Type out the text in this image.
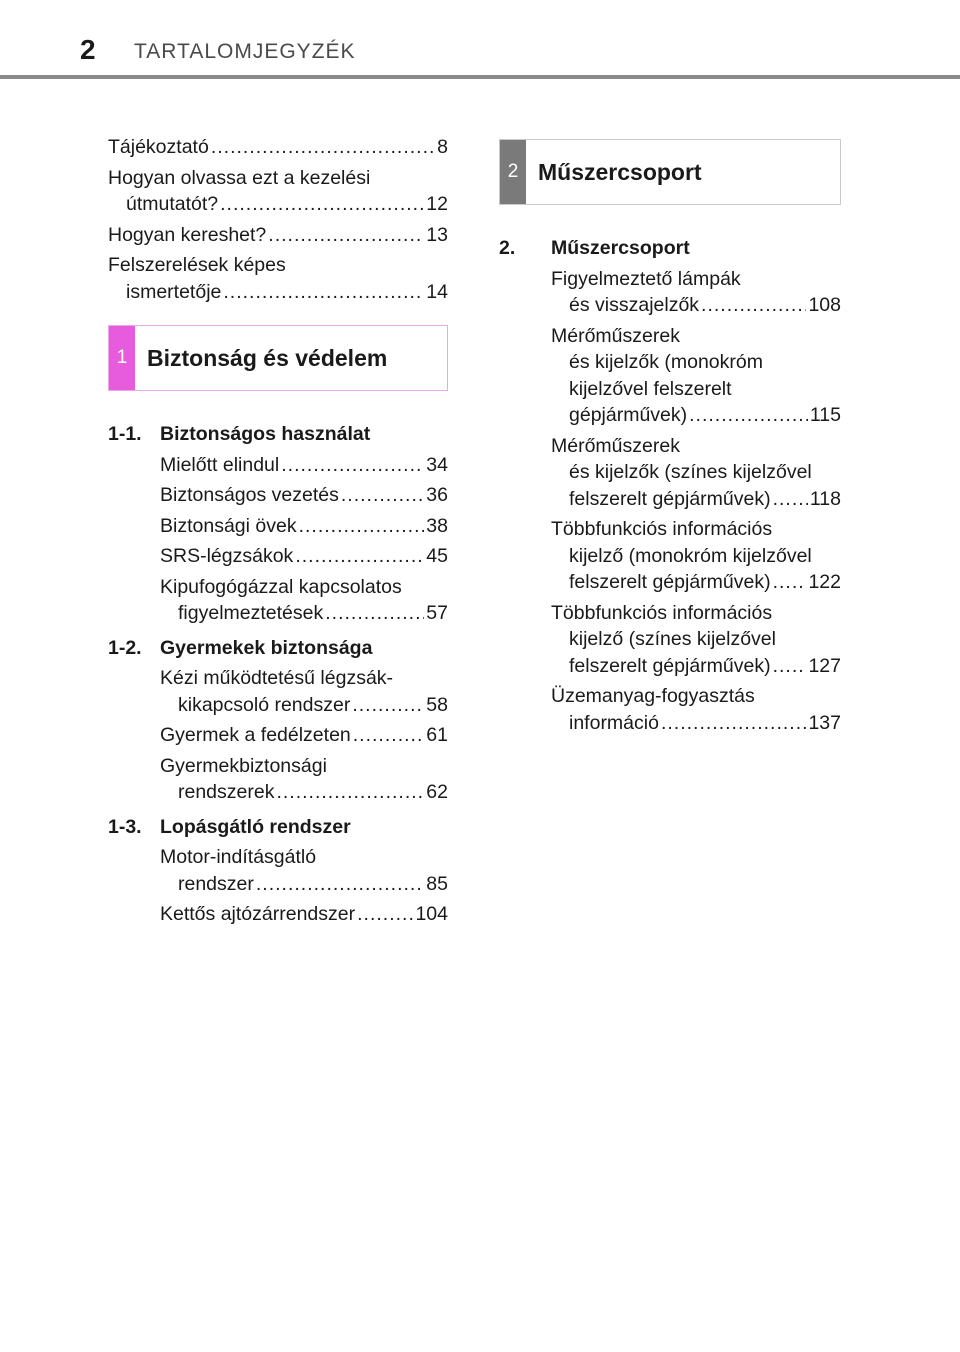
2 TARTALOMJEGYZÉK
Tájékoztató .....	8
Hogyan olvassa ezt a kezelési
útmutatót? .....	12
Hogyan kereshet? .....	13
Felszerelések képes
ismertetője .....	14
1 Biztonság és védelem
1-1. Biztonságos használat
Mielőtt elindul .....	34
Biztonságos vezetés .....	36
Biztonsági övek .....	38
SRS-légzsákok .....	45
Kipufogógázzal kapcsolatos
figyelmeztetések .....	57
1-2. Gyermekek biztonsága
Kézi működtetésű légzsák-
kikapcsoló rendszer .....	58
Gyermek a fedélzeten .....	61
Gyermekbiztonsági
rendszerek .....	62
1-3. Lopásgátló rendszer
Motor-indításgátló
rendszer .....	85
Kettős ajtózárrendszer .....	104
2 Műszercsoport
2.	Műszercsoport
Figyelmeztető lámpák
és visszajelzők .....	108
Mérőműszerek
és kijelzők (monokróm
kijelzővel felszerelt
gépjárművek) .....	115
Mérőműszerek
és kijelzők (színes kijelzővel
felszerelt gépjárművek) ..... 118
Többfunkciós információs
kijelző (monokróm kijelzővel
felszerelt gépjárművek) ..... 122
Többfunkciós információs
kijelző (színes kijelzővel
felszerelt gépjárművek) ..... 127
Üzemanyag-fogyasztás
információ .....	137
